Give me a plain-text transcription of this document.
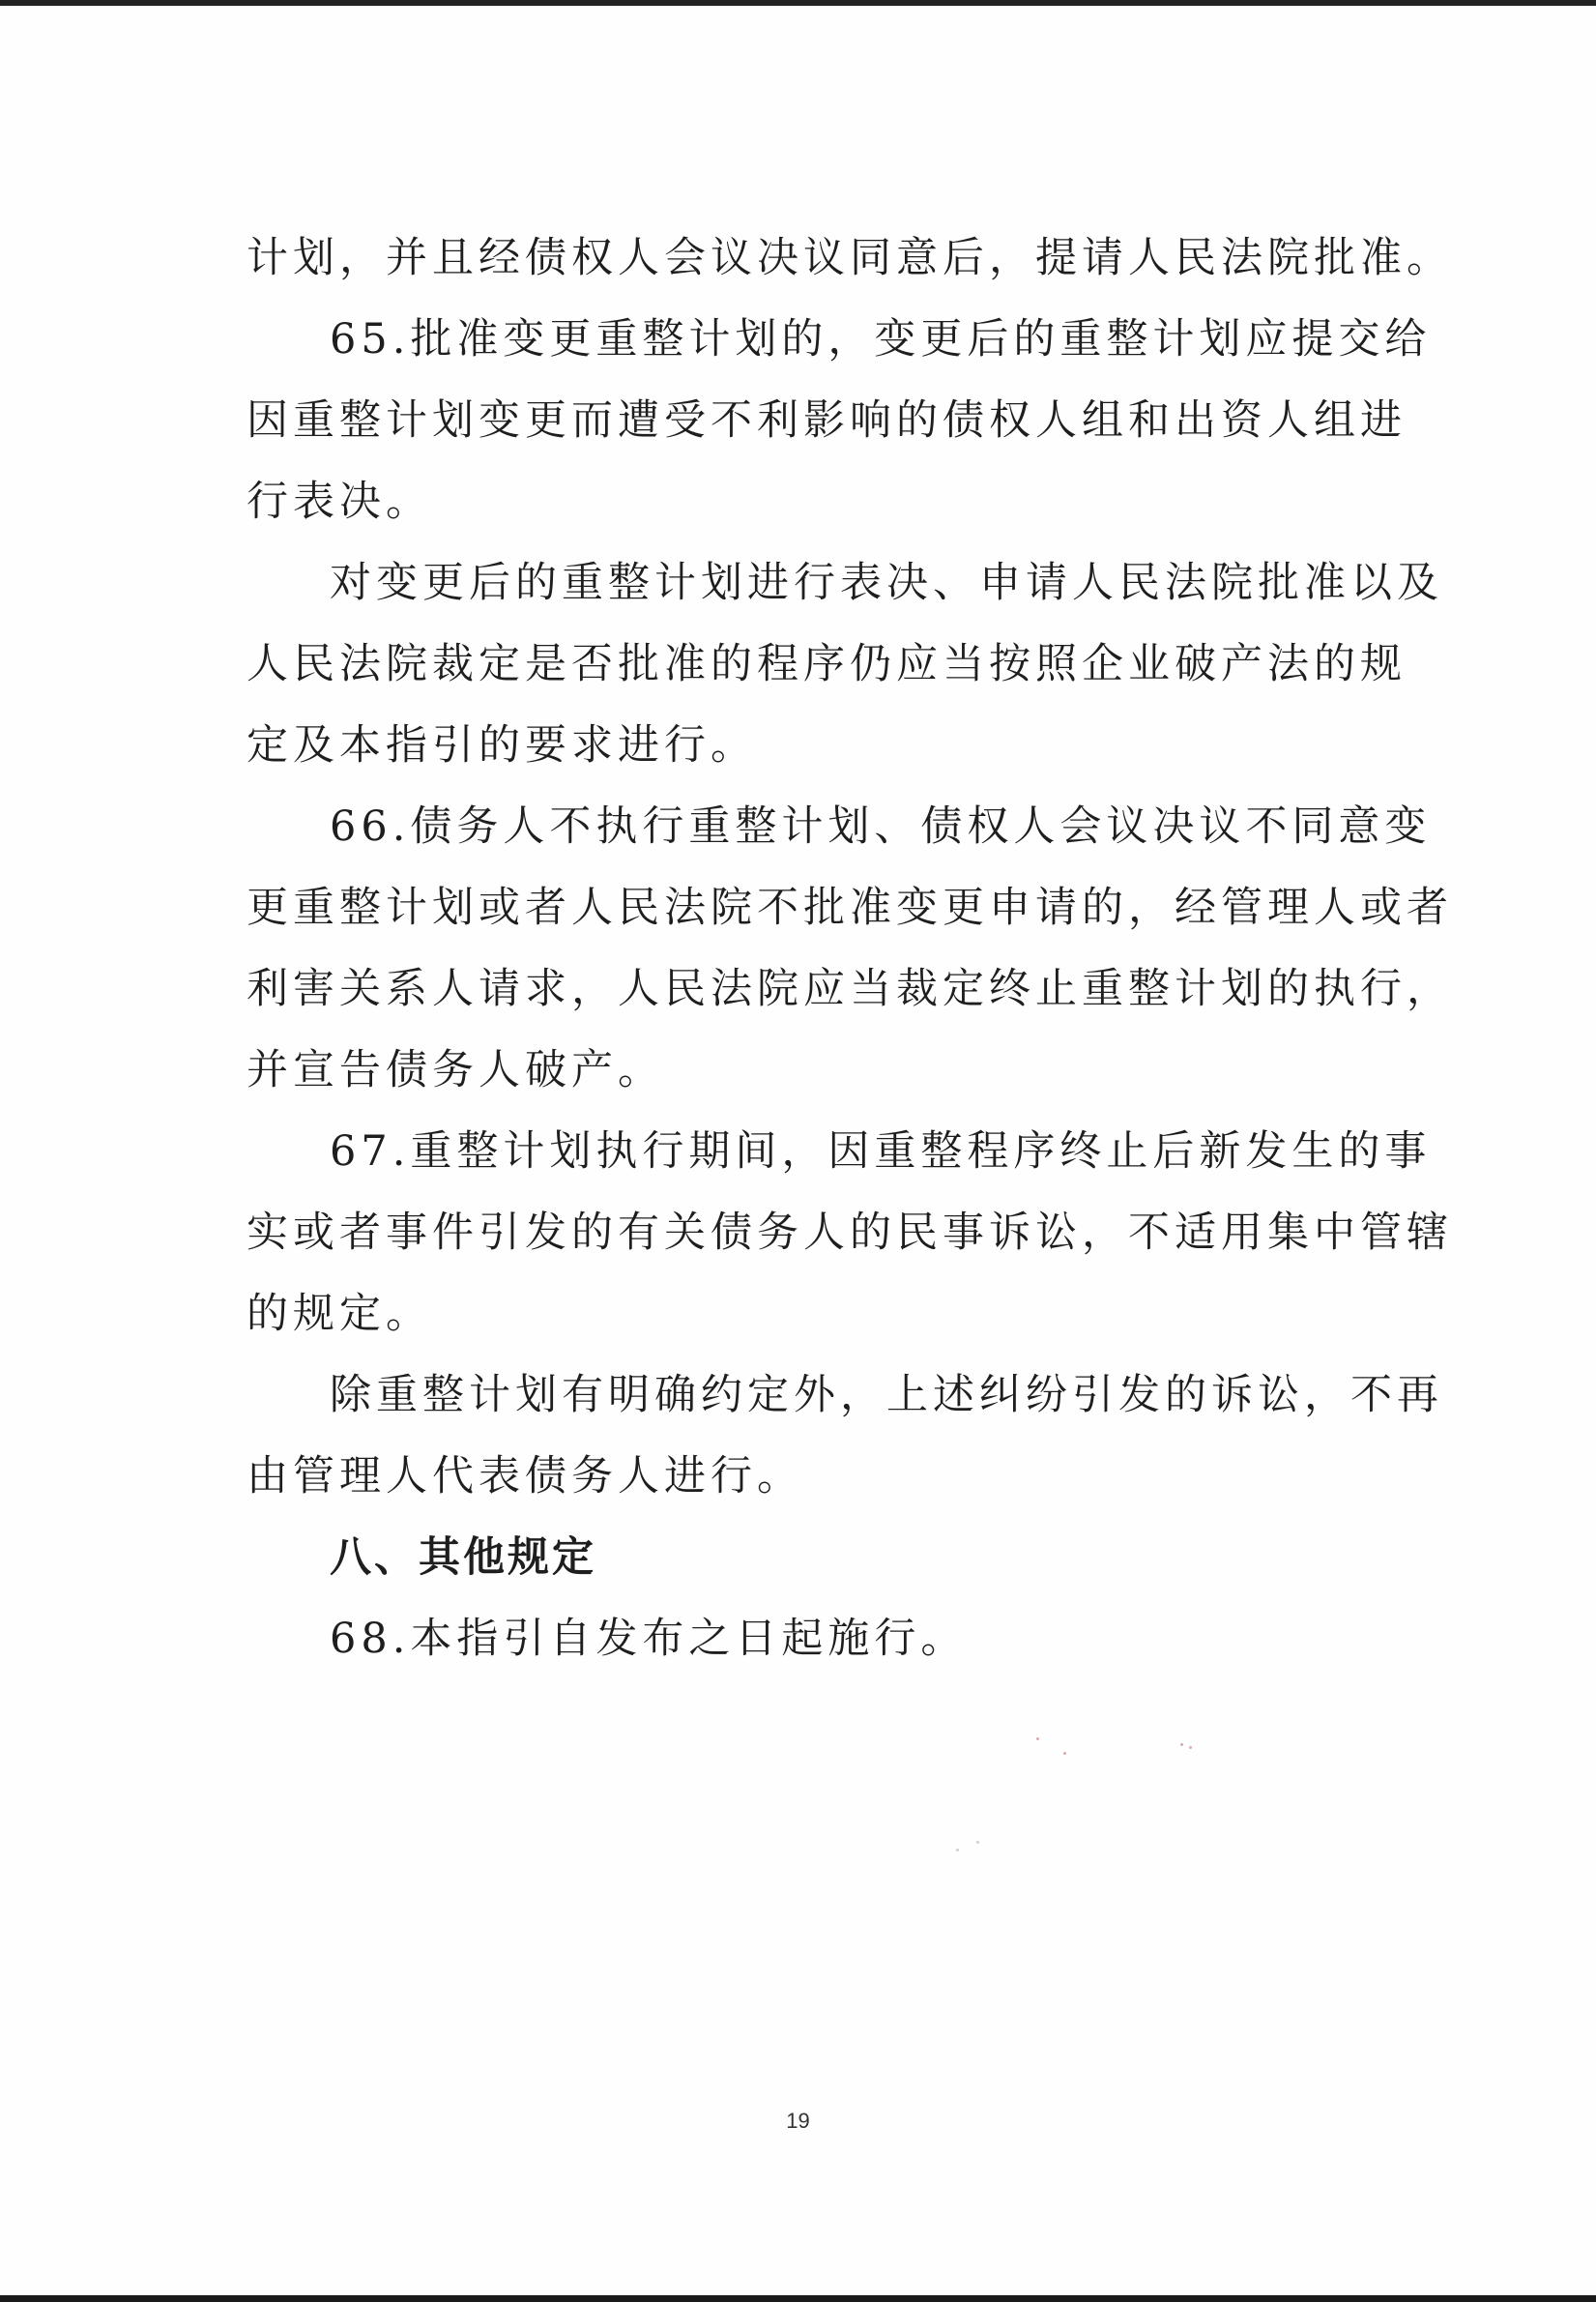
计划，并且经债权人会议决议同意后，提请人民法院批准。
65.批准变更重整计划的，变更后的重整计划应提交给
因重整计划变更而遭受不利影响的债权人组和出资人组进
行表决。
对变更后的重整计划进行表决、申请人民法院批准以及
人民法院裁定是否批准的程序仍应当按照企业破产法的规
定及本指引的要求进行。
66.债务人不执行重整计划、债权人会议决议不同意变
更重整计划或者人民法院不批准变更申请的，经管理人或者
利害关系人请求，人民法院应当裁定终止重整计划的执行，
并宣告债务人破产。
67.重整计划执行期间，因重整程序终止后新发生的事
实或者事件引发的有关债务人的民事诉讼，不适用集中管辖
的规定。
除重整计划有明确约定外，上述纠纷引发的诉讼，不再
由管理人代表债务人进行。
八、其他规定
68.本指引自发布之日起施行。
19
